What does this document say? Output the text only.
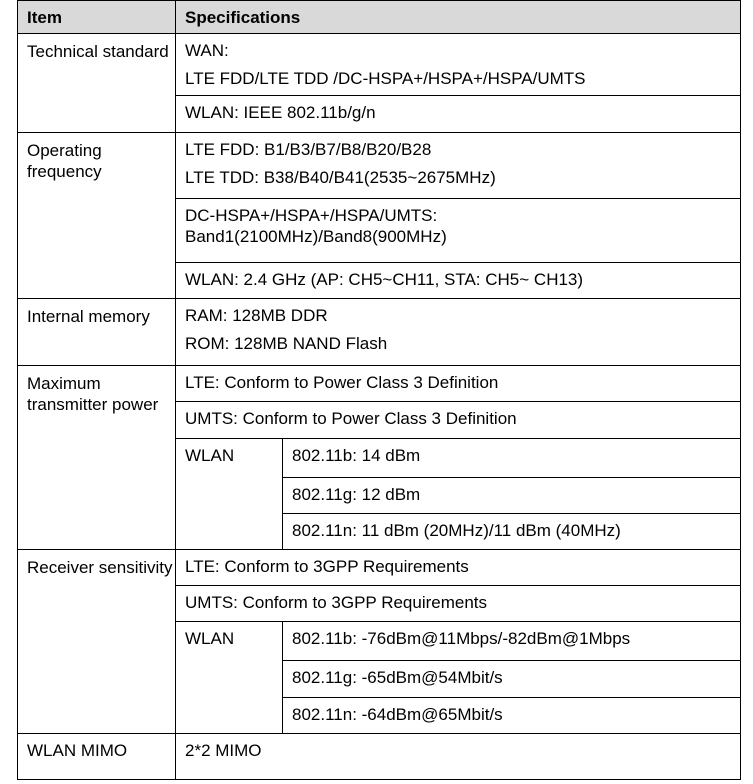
Item	Specifications	
Technical standard	WAN:
LTE FDD/LTE TDD /DC-HSPA+/HSPA+/HSPA/UMTS	

	WLAN: IEEE 802.11b/g/n	

Operating frequency	LTE FDD: B1/B3/B7/B8/B20/B28
LTE TDD: B38/B40/B41(2535~2675MHz)	

	DC-HSPA+/HSPA+/HSPA/UMTS:
Band1(2100MHz)/Band8(900MHz)	

	WLAN: 2.4 GHz (AP: CH5~CH11, STA: CH5~ CH13)	

Internal memory	RAM: 128MB DDR
ROM: 128MB NAND Flash	

Maximum transmitter power	LTE: Conform to Power Class 3 Definition	

	UMTS: Conform to Power Class 3 Definition	

	WLAN	802.11b: 14 dBm
		802.11g: 12 dBm
		802.11n: 11 dBm (20MHz)/11 dBm (40MHz)
Receiver sensitivity	LTE: Conform to 3GPP Requirements	

	UMTS: Conform to 3GPP Requirements	

	WLAN	802.11b: -76dBm@11Mbps/-82dBm@1Mbps
		802.11g: -65dBm@54Mbit/s
		802.11n: -64dBm@65Mbit/s
WLAN MIMO	2*2 MIMO	
